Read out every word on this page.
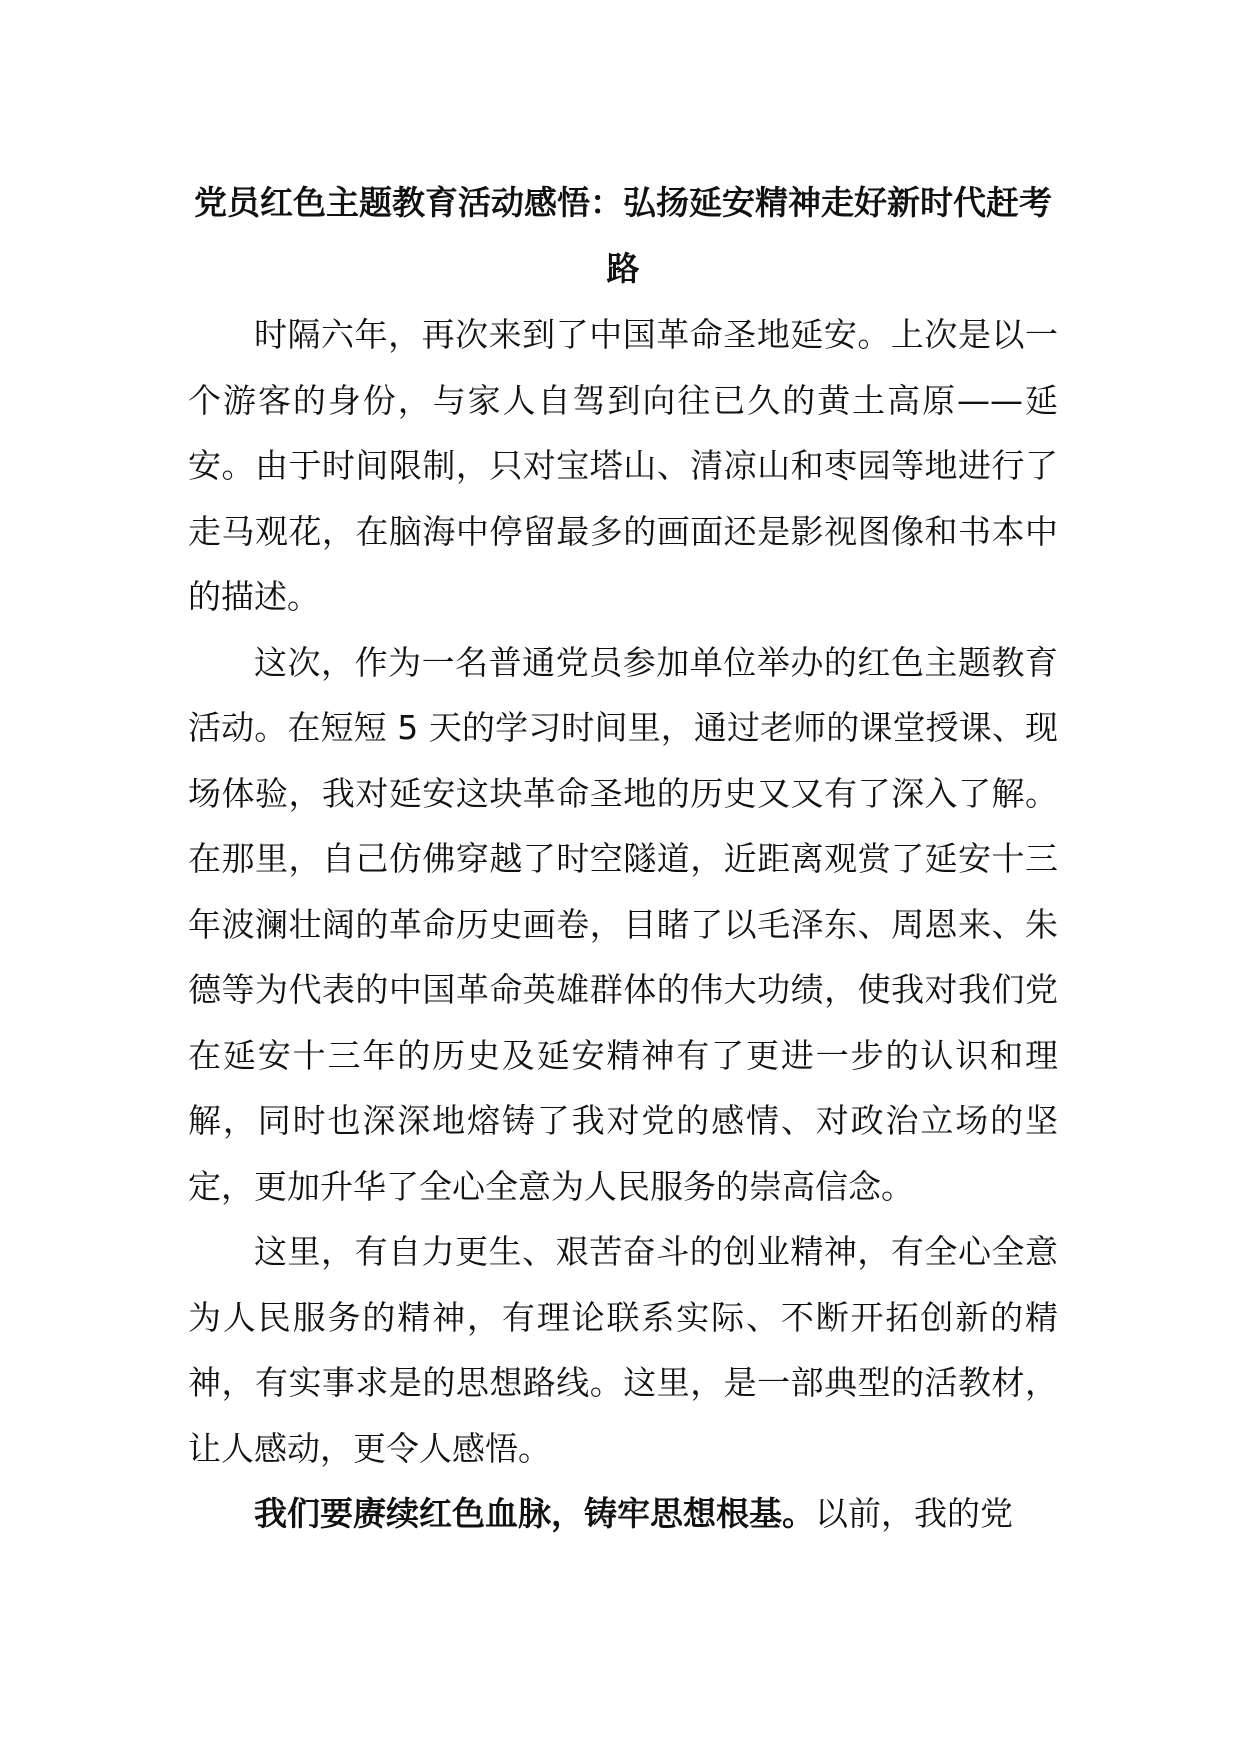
党员红色主题教育活动感悟：弘扬延安精神走好新时代赶考路

时隔六年，再次来到了中国革命圣地延安。上次是以一个游客的身份，与家人自驾到向往已久的黄土高原——延安。由于时间限制，只对宝塔山、清凉山和枣园等地进行了走马观花，在脑海中停留最多的画面还是影视图像和书本中的描述。

这次，作为一名普通党员参加单位举办的红色主题教育活动。在短短 5 天的学习时间里，通过老师的课堂授课、现场体验，我对延安这块革命圣地的历史又又有了深入了解。在那里，自己仿佛穿越了时空隧道，近距离观赏了延安十三年波澜壮阔的革命历史画卷，目睹了以毛泽东、周恩来、朱德等为代表的中国革命英雄群体的伟大功绩，使我对我们党在延安十三年的历史及延安精神有了更进一步的认识和理解，同时也深深地熔铸了我对党的感情、对政治立场的坚定，更加升华了全心全意为人民服务的崇高信念。

这里，有自力更生、艰苦奋斗的创业精神，有全心全意为人民服务的精神，有理论联系实际、不断开拓创新的精神，有实事求是的思想路线。这里，是一部典型的活教材，让人感动，更令人感悟。

我们要赓续红色血脉，铸牢思想根基。以前，我的党
